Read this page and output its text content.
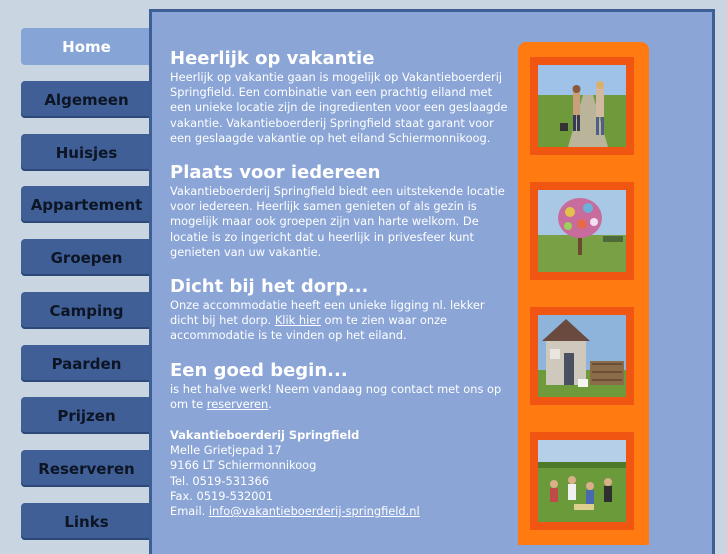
Home
Algemeen
Huisjes
Appartement
Groepen
Camping
Paarden
Prijzen
Reserveren
Links
Heerlijk op vakantie

Heerlijk op vakantie gaan is mogelijk op Vakantieboerderij Springfield. Een combinatie van een prachtig eiland met een unieke locatie zijn de ingredienten voor een geslaagde vakantie. Vakantieboerderij Springfield staat garant voor een geslaagde vakantie op het eiland Schiermonnikoog.

Plaats voor iedereen

Vakantieboerderij Springfield biedt een uitstekende locatie voor iedereen. Heerlijk samen genieten of als gezin is mogelijk maar ook groepen zijn van harte welkom. De locatie is zo ingericht dat u heerlijk in privesfeer kunt genieten van uw vakantie.

Dicht bij het dorp...

Onze accommodatie heeft een unieke ligging nl. lekker dicht bij het dorp. Klik hier om te zien waar onze accommodatie is te vinden op het eiland.

Een goed begin...

is het halve werk! Neem vandaag nog contact met ons op om te reserveren.

Vakantieboerderij Springfield
Melle Grietjepad 17
9166 LT Schiermonnikoog
Tel. 0519-531366
Fax. 0519-532001
Email. info@vakantieboerderij-springfield.nl
